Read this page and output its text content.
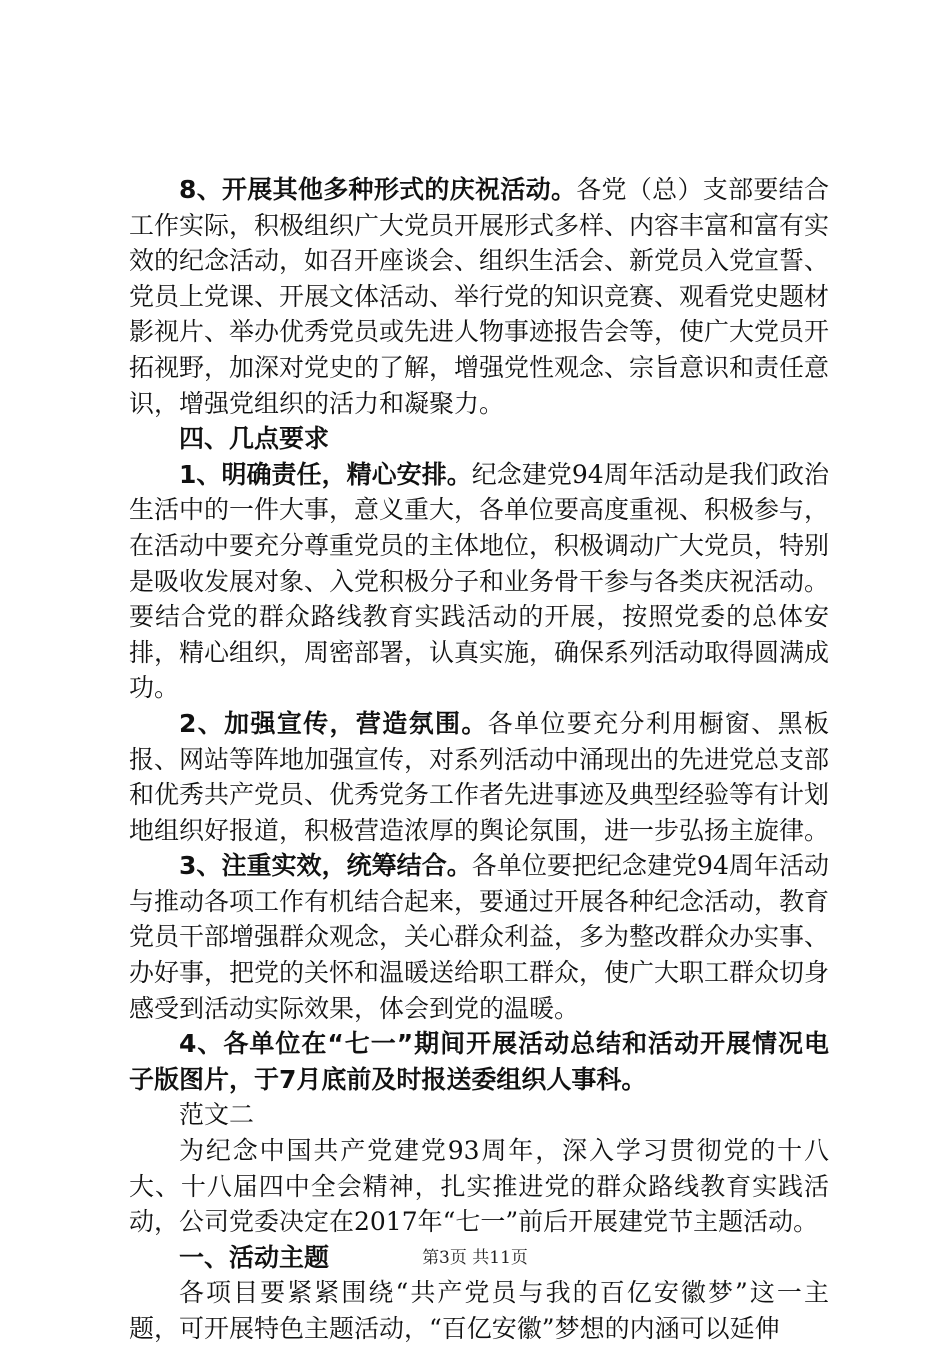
8、开展其他多种形式的庆祝活动。各党（总）支部要结合工作实际，积极组织广大党员开展形式多样、内容丰富和富有实效的纪念活动，如召开座谈会、组织生活会、新党员入党宣誓、党员上党课、开展文体活动、举行党的知识竞赛、观看党史题材影视片、举办优秀党员或先进人物事迹报告会等，使广大党员开拓视野，加深对党史的了解，增强党性观念、宗旨意识和责任意识，增强党组织的活力和凝聚力。

四、几点要求

1、明确责任，精心安排。纪念建党94周年活动是我们政治生活中的一件大事，意义重大，各单位要高度重视、积极参与，在活动中要充分尊重党员的主体地位，积极调动广大党员，特别是吸收发展对象、入党积极分子和业务骨干参与各类庆祝活动。要结合党的群众路线教育实践活动的开展，按照党委的总体安排，精心组织，周密部署，认真实施，确保系列活动取得圆满成功。

2、加强宣传，营造氛围。各单位要充分利用橱窗、黑板报、网站等阵地加强宣传，对系列活动中涌现出的先进党总支部和优秀共产党员、优秀党务工作者先进事迹及典型经验等有计划地组织好报道，积极营造浓厚的舆论氛围，进一步弘扬主旋律。

3、注重实效，统筹结合。各单位要把纪念建党94周年活动与推动各项工作有机结合起来，要通过开展各种纪念活动，教育党员干部增强群众观念，关心群众利益，多为整改群众办实事、办好事，把党的关怀和温暖送给职工群众，使广大职工群众切身感受到活动实际效果，体会到党的温暖。

4、各单位在“七一”期间开展活动总结和活动开展情况电子版图片，于7月底前及时报送委组织人事科。

范文二

为纪念中国共产党建党93周年，深入学习贯彻党的十八大、十八届四中全会精神，扎实推进党的群众路线教育实践活动，公司党委决定在2017年“七一”前后开展建党节主题活动。

一、活动主题

各项目要紧紧围绕“共产党员与我的百亿安徽梦”这一主题，可开展特色主题活动，“百亿安徽”梦想的内涵可以延伸

第3页 共11页
